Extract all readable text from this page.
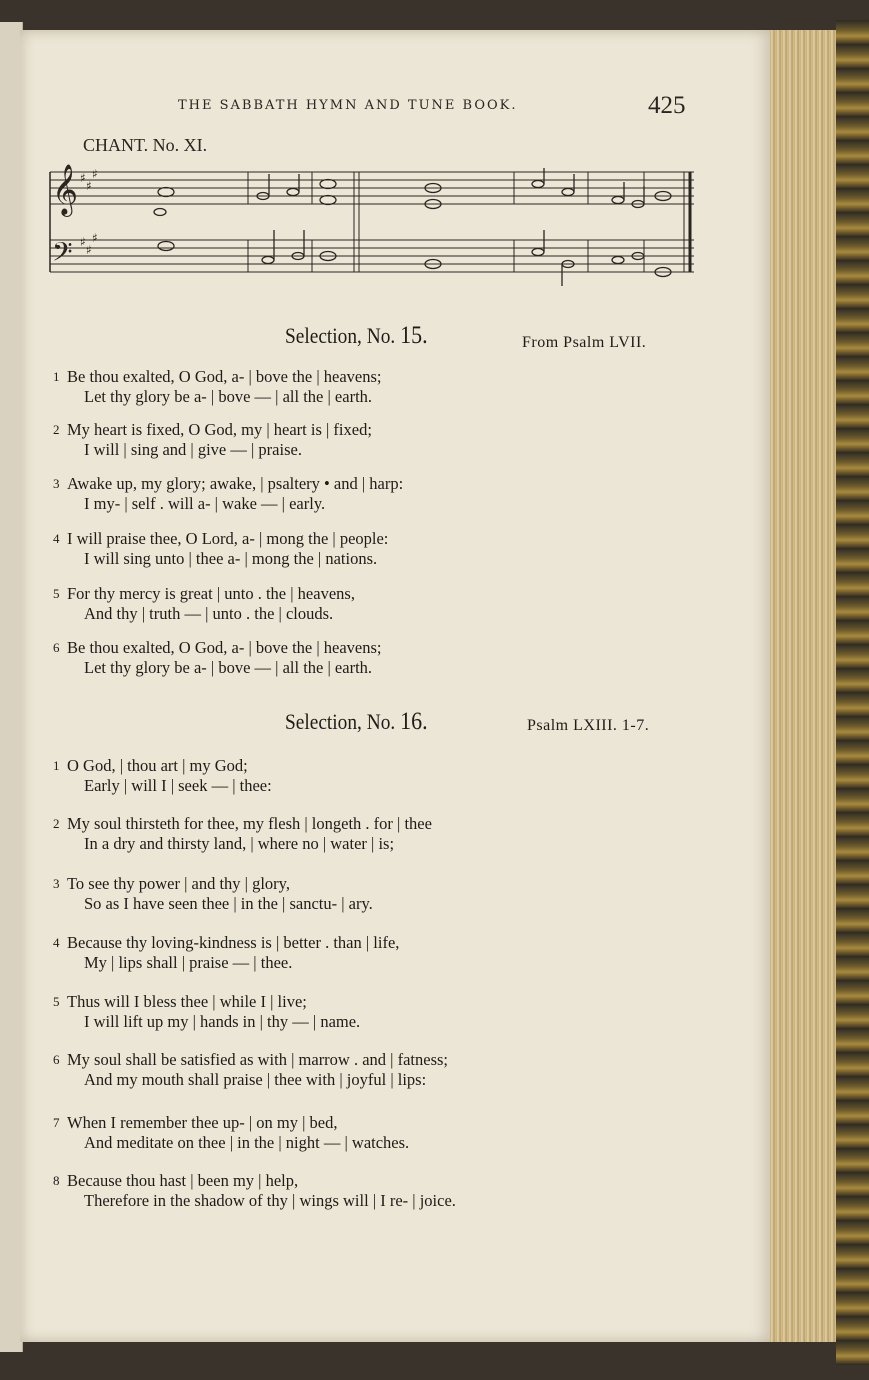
THE SABBATH HYMN AND TUNE BOOK.	425
CHANT. No. XI.
𝄞
𝄢
♯
♯
♯
♯
♯
♯
Selection, No. 15.	From Psalm LVII.
1 Be thou exalted, O God, a- | bove the | heavens;
Let thy glory be a- | bove — | all the | earth.
2 My heart is fixed, O God, my | heart is | fixed;
I will | sing and | give — | praise.
3 Awake up, my glory; awake, | psaltery • and | harp:
I my- | self . will a- | wake — | early.
4 I will praise thee, O Lord, a- | mong the | people:
I will sing unto | thee a- | mong the | nations.
5 For thy mercy is great | unto . the | heavens,
And thy | truth — | unto . the | clouds.
6 Be thou exalted, O God, a- | bove the | heavens;
Let thy glory be a- | bove — | all the | earth.
Selection, No. 16.	Psalm LXIII. 1-7.
1 O God, | thou art | my God;
Early | will I | seek — | thee:
2 My soul thirsteth for thee, my flesh | longeth . for | thee
In a dry and thirsty land, | where no | water | is;
3 To see thy power | and thy | glory,
So as I have seen thee | in the | sanctu- | ary.
4 Because thy loving-kindness is | better . than | life,
My | lips shall | praise — | thee.
5 Thus will I bless thee | while I | live;
I will lift up my | hands in | thy — | name.
6 My soul shall be satisfied as with | marrow . and | fatness;
And my mouth shall praise | thee with | joyful | lips:
7 When I remember thee up- | on my | bed,
And meditate on thee | in the | night — | watches.
8 Because thou hast | been my | help,
Therefore in the shadow of thy | wings will | I re- | joice.
